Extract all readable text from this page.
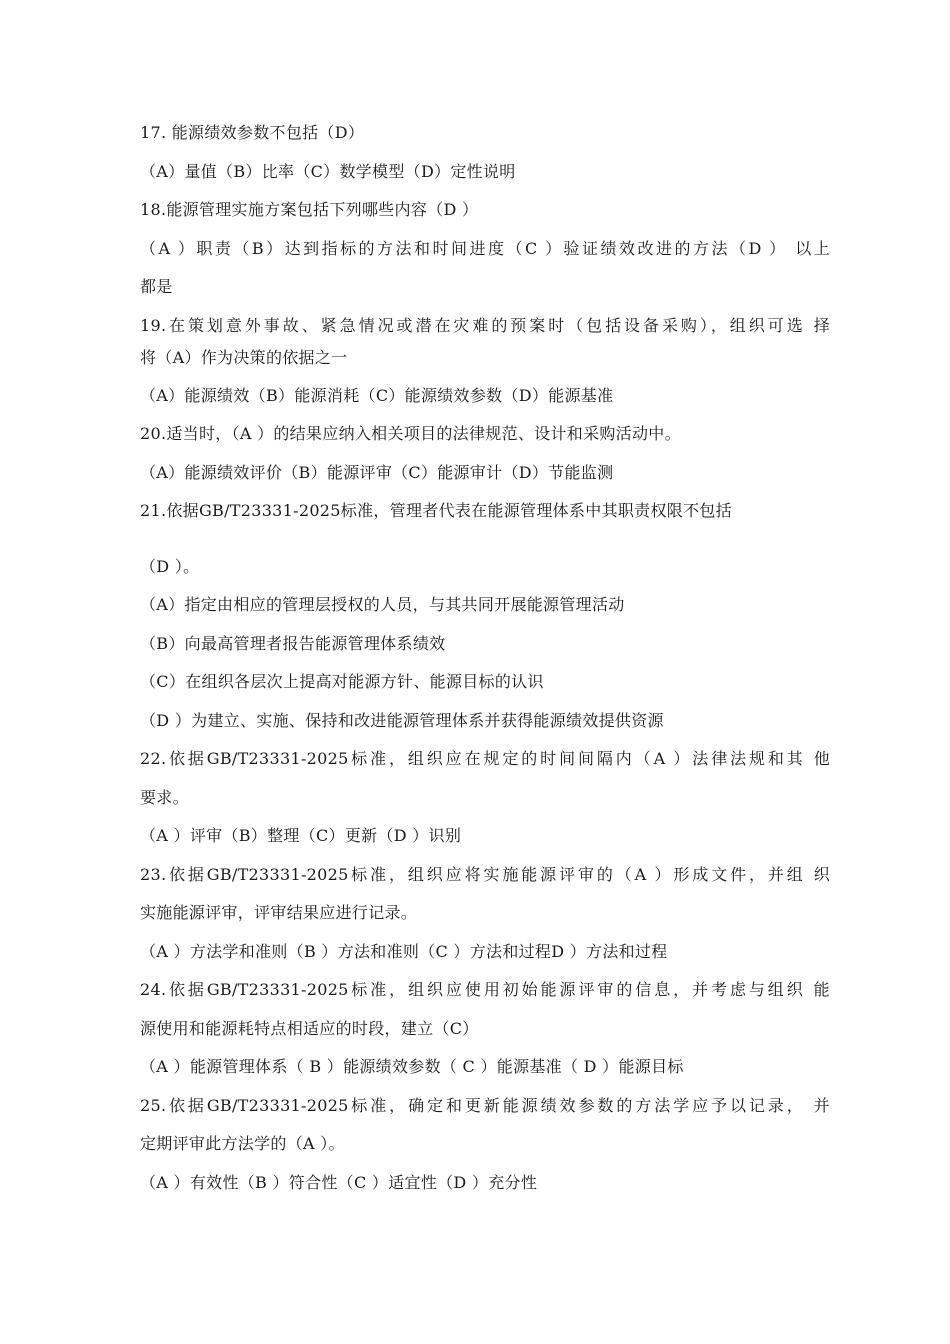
17. 能源绩效参数不包括（D）
（A）量值（B）比率（C）数学模型（D）定性说明
18.能源管理实施方案包括下列哪些内容（D ）
（A ）职责（B）达到指标的方法和时间进度（C ）验证绩效改进的方法（D ） 以上
都是
19.在策划意外事故、紧急情况或潜在灾难的预案时（包括设备采购），组织可选 择
将（A）作为决策的依据之一
（A）能源绩效（B）能源消耗（C）能源绩效参数（D）能源基准
20.适当时，（A ）的结果应纳入相关项目的法律规范、设计和采购活动中。
（A）能源绩效评价（B）能源评审（C）能源审计（D）节能监测
21.依据GB/T23331-2025标准，管理者代表在能源管理体系中其职责权限不包括
（D ）。
（A）指定由相应的管理层授权的人员，与其共同开展能源管理活动
（B）向最高管理者报告能源管理体系绩效
（C）在组织各层次上提高对能源方针、能源目标的认识
（D ）为建立、实施、保持和改进能源管理体系并获得能源绩效提供资源
22.依据GB/T23331-2025标准，组织应在规定的时间间隔内（A ）法律法规和其 他
要求。
（A ）评审（B）整理（C）更新（D ）识别
23.依据GB/T23331-2025标准，组织应将实施能源评审的（A ）形成文件，并组 织
实施能源评审，评审结果应进行记录。
（A ）方法学和准则（B ）方法和准则（C ）方法和过程D ）方法和过程
24.依据GB/T23331-2025标准，组织应使用初始能源评审的信息，并考虑与组织 能
源使用和能源耗特点相适应的时段，建立（C）
（A ）能源管理体系（ B ）能源绩效参数（ C ）能源基准（ D ）能源目标
25.依据GB/T23331-2025标准，确定和更新能源绩效参数的方法学应予以记录， 并
定期评审此方法学的（A ）。
（A ）有效性（B ）符合性（C ）适宜性（D ）充分性
